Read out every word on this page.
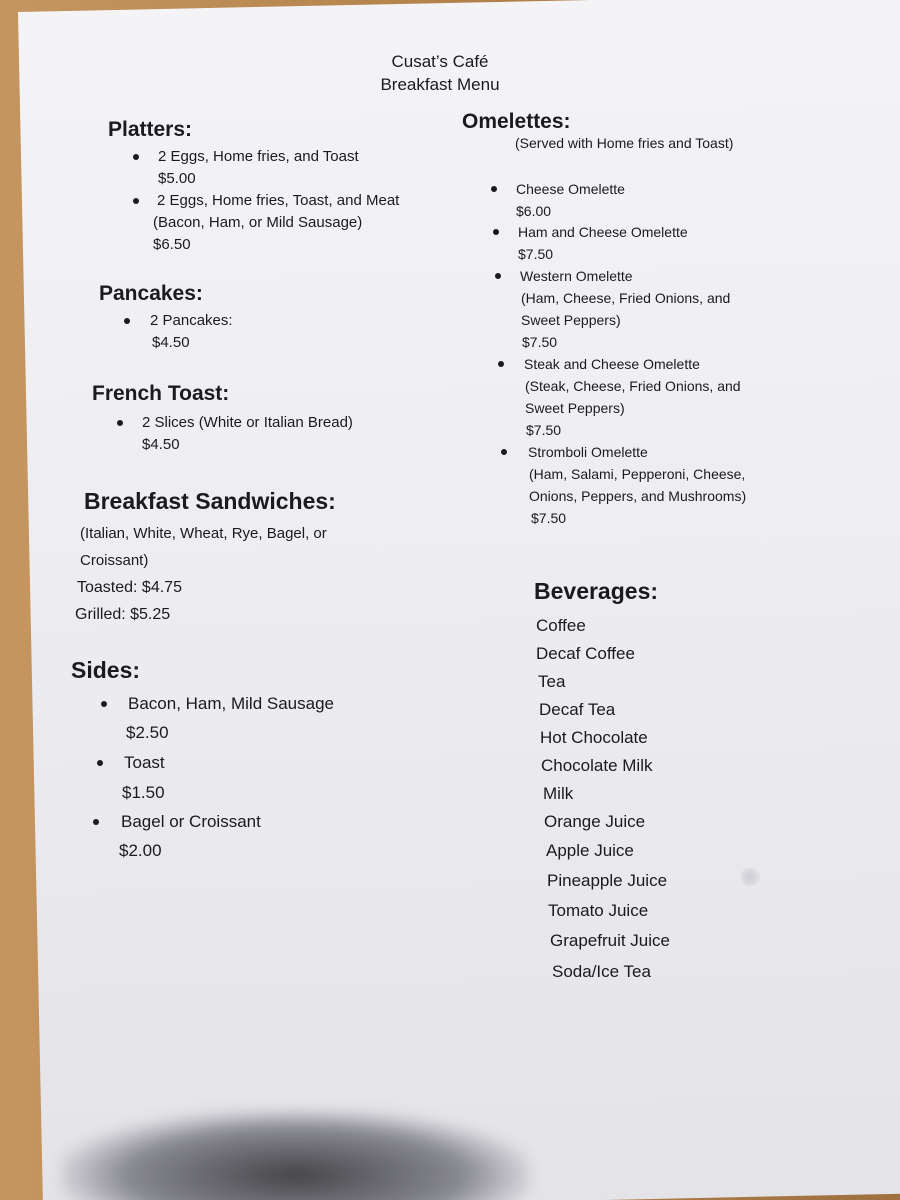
Cusat’s Café
Breakfast Menu
Platters:
2 Eggs, Home fries, and Toast
$5.00
2 Eggs, Home fries, Toast, and Meat
(Bacon, Ham, or Mild Sausage)
$6.50
Pancakes:
2 Pancakes:
$4.50
French Toast:
2 Slices (White or Italian Bread)
$4.50
Breakfast Sandwiches:
(Italian, White, Wheat, Rye, Bagel, or
Croissant)
Toasted: $4.75
Grilled: $5.25
Sides:
Bacon, Ham, Mild Sausage
$2.50
Toast
$1.50
Bagel or Croissant
$2.00
Omelettes:
(Served with Home fries and Toast)
Cheese Omelette
$6.00
Ham and Cheese Omelette
$7.50
Western Omelette
(Ham, Cheese, Fried Onions, and
Sweet Peppers)
$7.50
Steak and Cheese Omelette
(Steak, Cheese, Fried Onions, and
Sweet Peppers)
$7.50
Stromboli Omelette
(Ham, Salami, Pepperoni, Cheese,
Onions, Peppers, and Mushrooms)
$7.50
Beverages:
Coffee
Decaf Coffee
Tea
Decaf Tea
Hot Chocolate
Chocolate Milk
Milk
Orange Juice
Apple Juice
Pineapple Juice
Tomato Juice
Grapefruit Juice
Soda/Ice Tea
